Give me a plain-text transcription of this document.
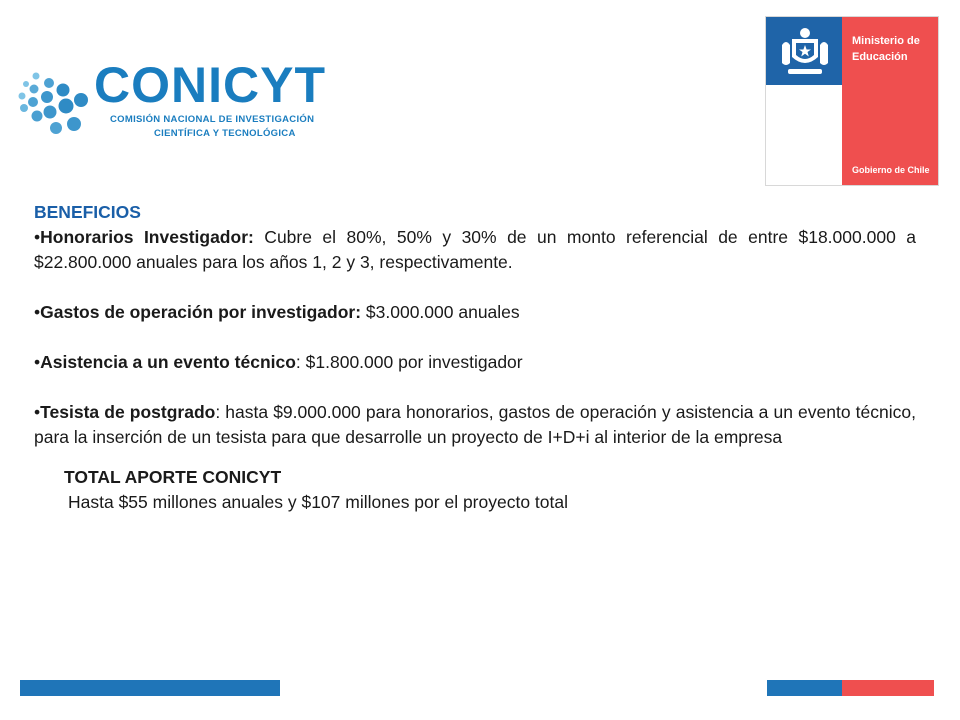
CONICYT
COMISIÓN NACIONAL DE INVESTIGACIÓN
CIENTÍFICA Y TECNOLÓGICA
Ministerio de
Educación
Gobierno de Chile
BENEFICIOS

•Honorarios Investigador: Cubre el 80%, 50% y 30% de un monto referencial de entre $18.000.000 a $22.800.000 anuales para los años 1, 2 y 3, respectivamente.

•Gastos de operación por investigador: $3.000.000 anuales

•Asistencia a un evento técnico: $1.800.000 por investigador

•Tesista de postgrado: hasta $9.000.000 para honorarios, gastos de operación y asistencia a un evento técnico, para la inserción de un tesista para que desarrolle un proyecto de I+D+i al interior de la empresa

TOTAL APORTE CONICYT
Hasta $55 millones anuales y $107 millones por el proyecto total
